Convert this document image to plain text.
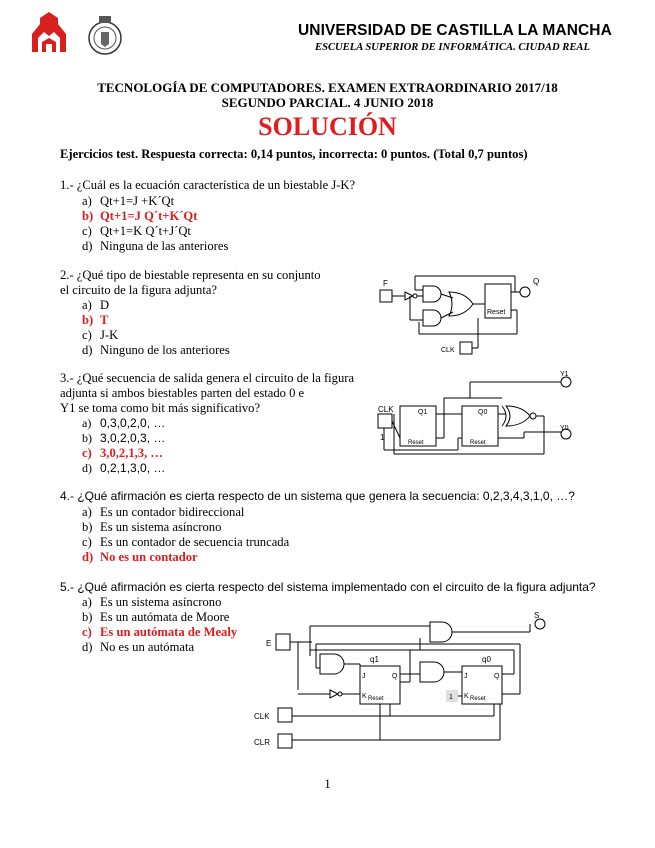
UNIVERSIDAD DE CASTILLA LA MANCHA
ESCUELA SUPERIOR DE INFORMÁTICA. CIUDAD REAL
TECNOLOGÍA DE COMPUTADORES. EXAMEN EXTRAORDINARIO 2017/18
SEGUNDO PARCIAL. 4 JUNIO 2018
SOLUCIÓN
Ejercicios test. Respuesta correcta: 0,14 puntos, incorrecta: 0 puntos. (Total 0,7 puntos)
1.- ¿Cuál es la ecuación característica de un biestable J-K?
a) Qt+1=J +K´Qt
b) Qt+1=J Q´t+K´Qt
c) Qt+1=K Q´t+J´Qt
d) Ninguna de las anteriores
2.- ¿Qué tipo de biestable representa en su conjunto
el circuito de la figura adjunta?
a) D
b) T
c) J-K
d) Ninguno de los anteriores
F	Q
CLK
Reset
3.- ¿Qué secuencia de salida genera el circuito de la figura
adjunta si ambos biestables parten del estado 0 e
Y1 se toma como bit más significativo?
a) 0,3,0,2,0, …
b) 3,0,2,0,3, …
c) 3,0,2,1,3, …
d) 0,2,1,3,0, …
CLK
1
Q1	Q0
Reset	Reset
Y1
Y0
4.- ¿Qué afirmación es cierta respecto de un sistema que genera la secuencia: 0,2,3,4,3,1,0, …?
a) Es un contador bidireccional
b) Es un sistema asíncrono
c) Es un contador de secuencia truncada
d) No es un contador
5.- ¿Qué afirmación es cierta respecto del sistema implementado con el circuito de la figura adjunta?
a) Es un sistema asíncrono
b) Es un autómata de Moore
c) Es un autómata de Mealy
d) No es un autómata
S
E
q1	q0
J	Q
K Reset
J	Q
K Reset
1
CLK
CLR
1
